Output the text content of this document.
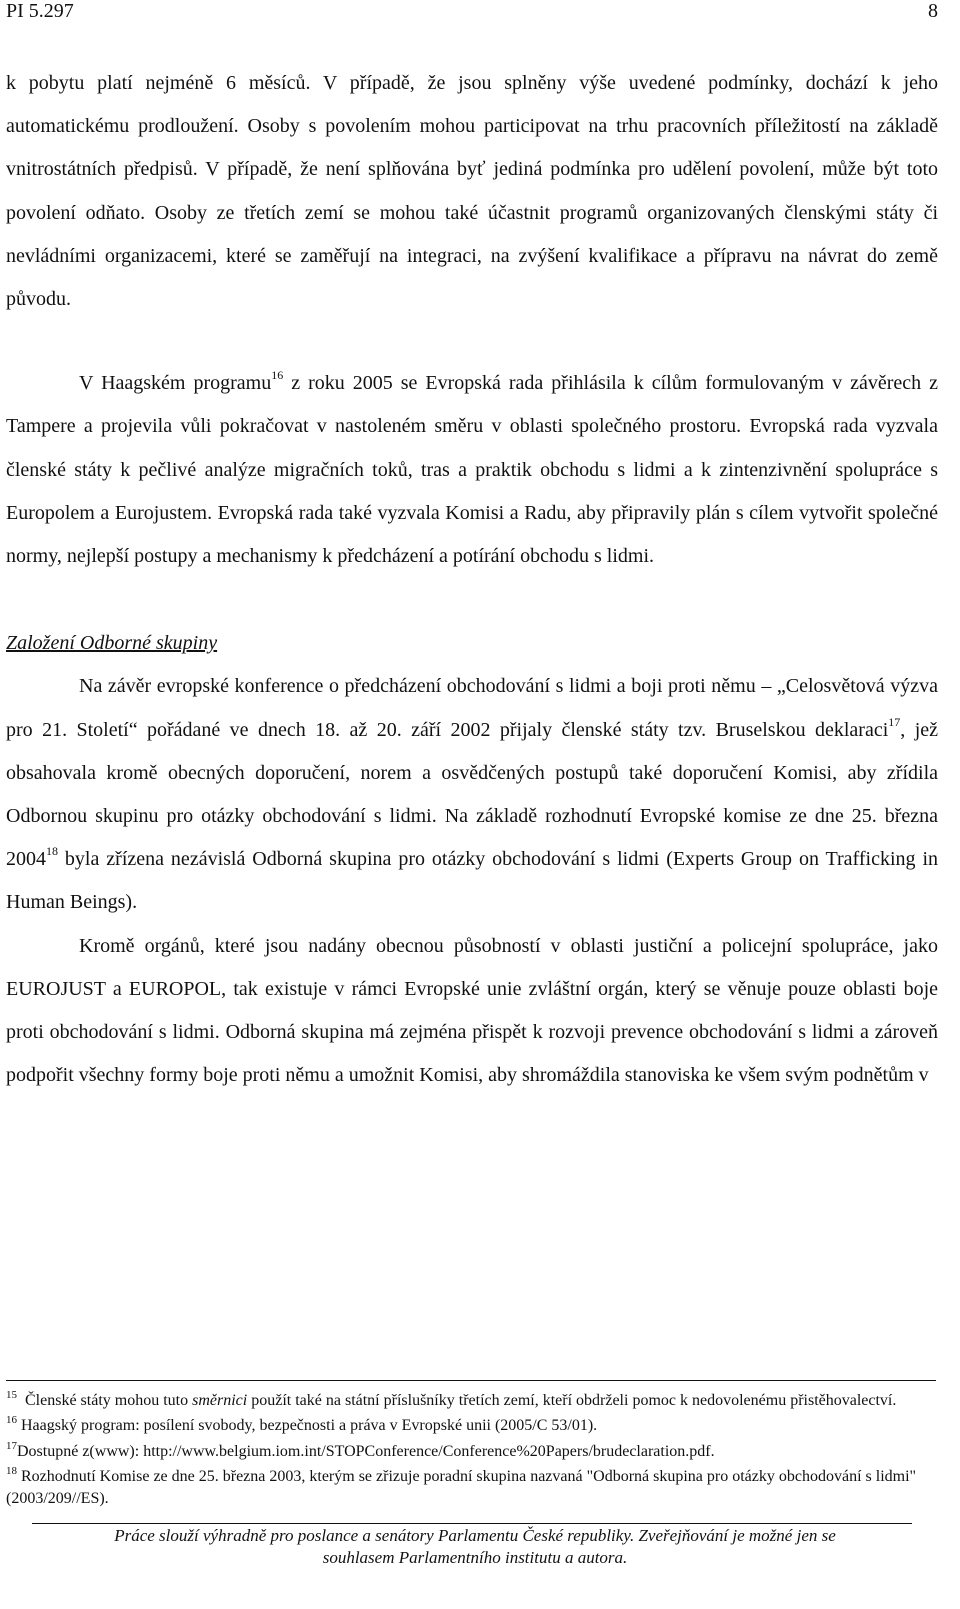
PI 5.297	8

k pobytu platí nejméně 6 měsíců. V případě, že jsou splněny výše uvedené podmínky, dochází k jeho automatickému prodloužení. Osoby s povolením mohou participovat na trhu pracovních příležitostí na základě vnitrostátních předpisů. V případě, že není splňována byť jediná podmínka pro udělení povolení, může být toto povolení odňato. Osoby ze třetích zemí se mohou také účastnit programů organizovaných členskými státy či nevládními organizacemi, které se zaměřují na integraci, na zvýšení kvalifikace a přípravu na návrat do země původu.

V Haagském programu$^{16}$ z roku 2005 se Evropská rada přihlásila k cílům formulovaným v závěrech z Tampere a projevila vůli pokračovat v nastoleném směru v oblasti společného prostoru. Evropská rada vyzvala členské státy k pečlivé analýze migračních toků, tras a praktik obchodu s lidmi a k zintenzivnění spolupráce s Europolem a Eurojustem. Evropská rada také vyzvala Komisi a Radu, aby připravily plán s cílem vytvořit společné normy, nejlepší postupy a mechanismy k předcházení a potírání obchodu s lidmi.

Založení Odborné skupiny

Na závěr evropské konference o předcházení obchodování s lidmi a boji proti němu – „Celosvětová výzva pro 21. Století“ pořádané ve dnech 18. až 20. září 2002 přijaly členské státy tzv. Bruselskou deklaraci$^{17}$, jež obsahovala kromě obecných doporučení, norem a osvědčených postupů také doporučení Komisi, aby zřídila Odbornou skupinu pro otázky obchodování s lidmi. Na základě rozhodnutí Evropské komise ze dne 25. března 2004$^{18}$ byla zřízena nezávislá Odborná skupina pro otázky obchodování s lidmi (Experts Group on Trafficking in Human Beings).

Kromě orgánů, které jsou nadány obecnou působností v oblasti justiční a policejní spolupráce, jako EUROJUST a EUROPOL, tak existuje v rámci Evropské unie zvláštní orgán, který se věnuje pouze oblasti boje proti obchodování s lidmi. Odborná skupina má zejména přispět k rozvoji prevence obchodování s lidmi a zároveň podpořit všechny formy boje proti němu a umožnit Komisi, aby shromáždila stanoviska ke všem svým podnětům v

$^{15}$ Členské státy mohou tuto směrnici použít také na státní příslušníky třetích zemí, kteří obdrželi pomoc k nedovolenému přistěhovalectví.

$^{16}$ Haagský program: posílení svobody, bezpečnosti a práva v Evropské unii (2005/C 53/01).

$^{17}$Dostupné z(www): http://www.belgium.iom.int/STOPConference/Conference%20Papers/brudeclaration.pdf.

$^{18}$ Rozhodnutí Komise ze dne 25. března 2003, kterým se zřizuje poradní skupina nazvaná "Odborná skupina pro otázky obchodování s lidmi" (2003/209//ES).

Práce slouží výhradně pro poslance a senátory Parlamentu České republiky. Zveřejňování je možné jen se
souhlasem Parlamentního institutu a autora.
